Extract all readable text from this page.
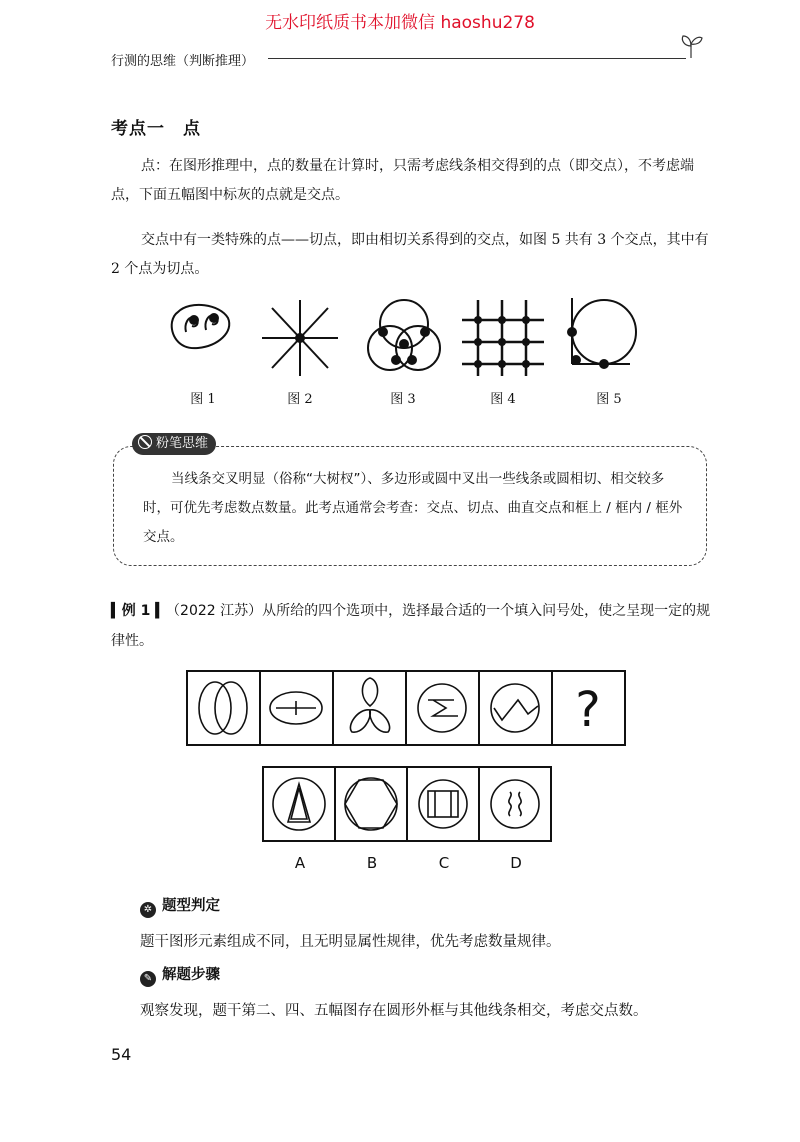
无水印纸质书本加微信 haoshu278
行测的思维（判断推理）
考点一　点
点：在图形推理中，点的数量在计算时，只需考虑线条相交得到的点（即交点），不考虑端点，下面五幅图中标灰的点就是交点。
交点中有一类特殊的点——切点，即由相切关系得到的交点，如图 5 共有 3 个交点，其中有 2 个点为切点。
图 1	图 2	图 3	图 4	图 5
粉笔思维
当线条交叉明显（俗称“大树杈”）、多边形或圆中叉出一些线条或圆相切、相交较多时，可优先考虑数点数量。此考点通常会考查：交点、切点、曲直交点和框上 / 框内 / 框外交点。
▍例 1 ▍（2022 江苏）从所给的四个选项中，选择最合适的一个填入问号处，使之呈现一定的规律性。
?
A	B	C	D
✲ 题型判定
题干图形元素组成不同，且无明显属性规律，优先考虑数量规律。
✎ 解题步骤
观察发现，题干第二、四、五幅图存在圆形外框与其他线条相交，考虑交点数。
54
